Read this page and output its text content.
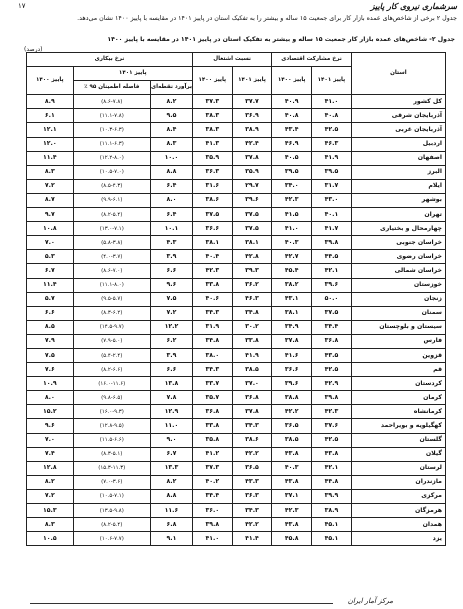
سرشماری نیروی کار پاییز
١٧
جدول ۲ برخی از شاخص‌های عمده بازار کار برای جمعیت ۱۵ ساله و بیشتر را به تفکیک استان در پاییز ۱۴۰۱ در مقایسه با پاییز ۱۴۰۰ نشان می‌دهد.
جدول ۲- شاخص‌های عمده بازار کار جمعیت ۱۵ ساله و بیشتر به تفکیک استان در پاییز ۱۴۰۱ در مقایسه با پاییز ۱۴۰۰
(درصد)
استان	نرخ مشارکت اقتصادی		نسبت اشتغال		نرخ بیکاری		
	پاییز ۱۴۰۱	پاییز ۱۴۰۰	پاییز ۱۴۰۱	پاییز ۱۴۰۰	پاییز ۱۴۰۱		پاییز ۱۴۰۰
					برآورد نقطه‌ای	فاصله اطمینان ۹۵ ٪	
کل کشور	۴۱.۰	۴۰.۹	۳۷.۷	۳۷.۳	۸.۲	(۸.۶-۷.۸)	۸.۹
آذربایجان شرقی	۴۰.۸	۴۰.۸	۳۶.۹	۳۸.۳	۹.۵	(۱۱.۱-۷.۸)	۶.۱
آذربایجان غربی	۴۲.۵	۴۳.۴	۳۸.۹	۳۸.۳	۸.۴	(۱۰.۳-۶.۳)	۱۲.۱
اردبیل	۴۶.۳	۴۶.۹	۴۲.۴	۴۱.۳	۸.۳	(۱۱.۱-۶.۳)	۱۲.۰
اصفهان	۴۱.۹	۴۰.۵	۳۷.۸	۳۵.۹	۱۰.۰	(۱۲.۲-۸.۰)	۱۱.۴
البرز	۳۹.۵	۳۹.۵	۳۵.۹	۳۶.۳	۸.۸	(۱۰.۵-۷.۰)	۸.۳
ایلام	۳۱.۷	۳۴.۰	۲۹.۷	۳۱.۶	۶.۴	(۸.۵-۴.۳)	۷.۲
بوشهر	۴۳.۰	۴۲.۳	۳۹.۶	۳۸.۶	۸.۰	(۹.۹-۶.۱)	۸.۷
تهران	۴۰.۱	۴۱.۵	۳۷.۵	۳۷.۵	۶.۴	(۸.۲-۵.۴)	۹.۷
چهارمحال و بختیاری	۴۱.۷	۴۱.۰	۳۷.۵	۳۶.۶	۱۰.۱	(۱۳.۰-۷.۱)	۱۰.۸
خراسان جنوبی	۳۹.۸	۴۰.۳	۳۸.۱	۳۸.۱	۴.۳	(۵.۸-۳.۸)	۷.۰
خراسان رضوی	۴۴.۵	۴۲.۷	۴۲.۸	۴۰.۴	۳.۹	(۴.۰-۳.۷)	۵.۳
خراسان شمالی	۴۲.۱	۴۵.۴	۳۹.۳	۴۲.۳	۶.۶	(۸.۶-۷.۰)	۶.۷
خوزستان	۳۹.۶	۳۸.۲	۳۶.۲	۳۳.۸	۹.۶	(۱۱.۱-۸.۰)	۱۱.۴
زنجان	۵۰.۰	۴۳.۱	۴۶.۳	۴۰.۶	۷.۵	(۹.۵-۵.۷)	۵.۷
سمنان	۳۷.۵	۳۸.۱	۳۴.۸	۳۴.۳	۷.۲	(۸.۳-۶.۲)	۶.۶
سیستان و بلوچستان	۳۴.۴	۳۴.۹	۳۰.۲	۳۱.۹	۱۲.۲	(۱۴.۵-۹.۷)	۸.۵
فارس	۳۶.۸	۳۷.۸	۳۳.۸	۳۴.۸	۶.۲	(۷.۹-۵.۰)	۷.۹
قزوین	۴۳.۵	۴۱.۶	۴۱.۹	۳۸.۰	۳.۹	(۵.۴-۲.۴)	۷.۵
قم	۴۲.۵	۳۶.۶	۳۸.۵	۳۴.۳	۶.۶	(۸.۲-۶.۶)	۷.۶
کردستان	۴۲.۹	۳۹.۶	۳۷.۰	۳۳.۷	۱۳.۸	(۱۶.۰-۱۱.۶)	۱۰.۹
کرمان	۳۹.۸	۳۸.۸	۳۶.۸	۳۵.۷	۷.۸	(۹.۸-۶.۵)	۸.۰
کرمانشاه	۴۲.۳	۴۲.۲	۳۷.۸	۳۶.۸	۱۲.۹	(۱۶.۰-۹.۳)	۱۵.۲
کهگیلویه و بویراحمد	۳۷.۶	۳۶.۵	۳۴.۳	۳۳.۸	۱۱.۰	(۱۲.۸-۹.۵)	۹.۶
گلستان	۴۲.۵	۳۸.۵	۳۸.۶	۳۵.۸	۹.۰	(۱۱.۵-۶.۶)	۷.۰
گیلان	۴۳.۸	۴۳.۸	۴۲.۲	۴۱.۲	۶.۷	(۸.۳-۵.۱)	۷.۴
لرستان	۴۲.۱	۴۰.۳	۳۶.۵	۳۷.۳	۱۳.۳	(۱۵.۳-۱۱.۳)	۱۲.۸
مازندران	۴۴.۸	۴۳.۸	۴۳.۳	۴۰.۲	۸.۲	(۷.۰-۳.۶)	۸.۲
مرکزی	۳۹.۹	۳۷.۱	۳۶.۳	۳۴.۴	۸.۸	(۱۰.۵-۷.۱)	۷.۲
هرمزگان	۳۸.۹	۴۲.۳	۳۴.۳	۳۶.۰	۱۱.۶	(۱۳.۵-۹.۸)	۱۵.۳
همدان	۴۵.۱	۴۳.۸	۴۲.۲	۳۹.۸	۶.۸	(۸.۲-۵.۴)	۸.۳
یزد	۴۵.۱	۴۵.۸	۴۱.۴	۴۱.۰	۹.۱	(۱۰.۶-۷.۷)	۱۰.۵
مرکز آمار ایران
